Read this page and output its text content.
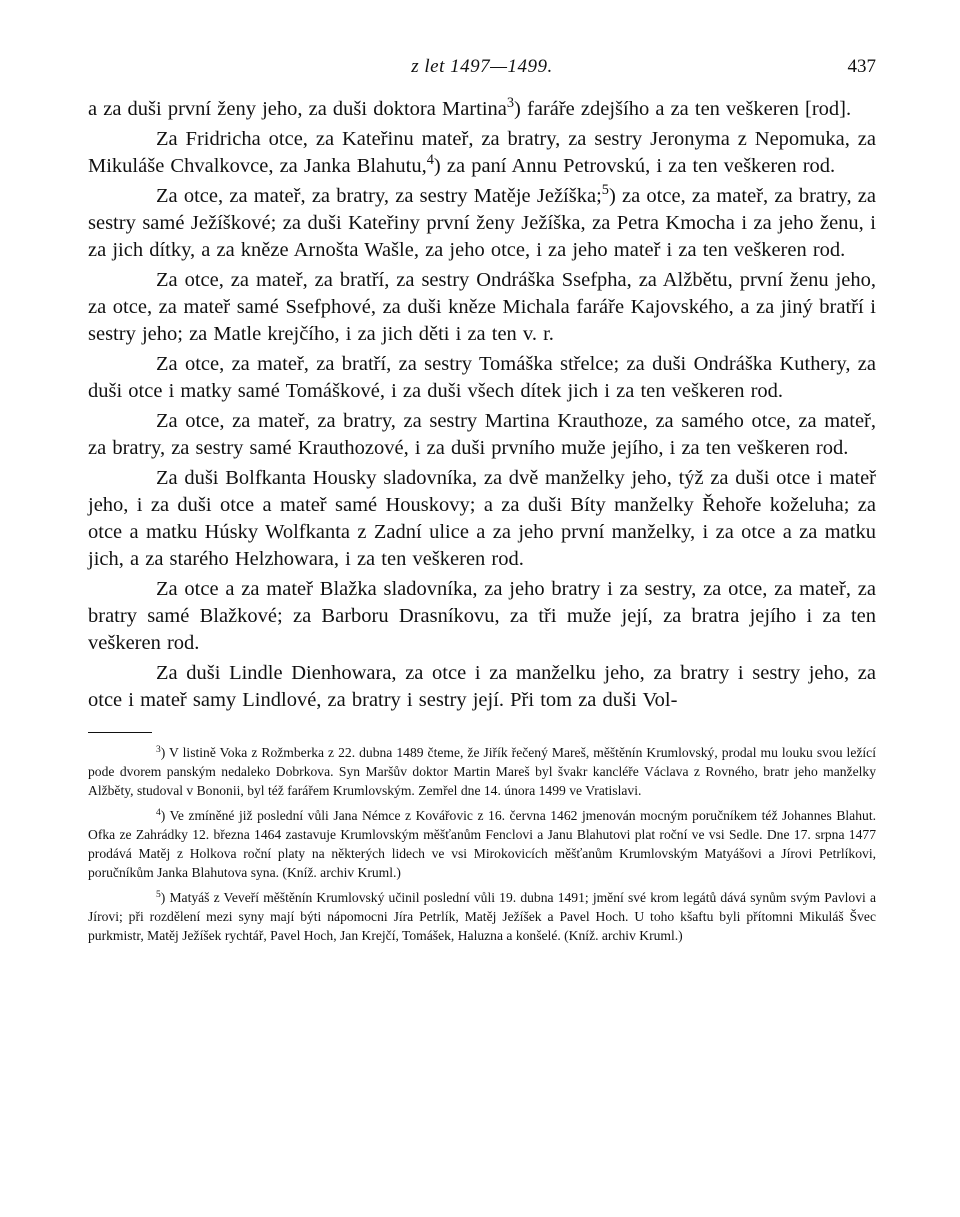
z let 1497—1499.	437

a za duši první ženy jeho, za duši doktora Martina$^3$) faráře zdejšího a za ten veškeren [rod].

Za Fridricha otce, za Kateřinu mateř, za bratry, za sestry Jeronyma z Nepomuka, za Mikuláše Chvalkovce, za Janka Blahutu,$^4$) za paní Annu Petrovskú, i za ten veškeren rod.

Za otce, za mateř, za bratry, za sestry Matěje Ježíška;$^5$) za otce, za mateř, za bratry, za sestry samé Ježíškové; za duši Kateřiny první ženy Ježíška, za Petra Kmocha i za jeho ženu, i za jich dítky, a za kněze Arnošta Wašle, za jeho otce, i za jeho mateř i za ten veškeren rod.

Za otce, za mateř, za bratří, za sestry Ondráška Ssefpha, za Alžbětu, první ženu jeho, za otce, za mateř samé Ssefphové, za duši kněze Michala faráře Kajovského, a za jiný bratří i sestry jeho; za Matle krejčího, i za jich děti i za ten v. r.

Za otce, za mateř, za bratří, za sestry Tomáška střelce; za duši Ondráška Kuthery, za duši otce i matky samé Tomáškové, i za duši všech dítek jich i za ten veškeren rod.

Za otce, za mateř, za bratry, za sestry Martina Krauthoze, za samého otce, za mateř, za bratry, za sestry samé Krauthozové, i za duši prvního muže jejího, i za ten veškeren rod.

Za duši Bolfkanta Housky sladovníka, za dvě manželky jeho, týž za duši otce i mateř jeho, i za duši otce a mateř samé Houskovy; a za duši Bíty manželky Řehoře koželuha; za otce a matku Húsky Wolfkanta z Zadní ulice a za jeho první manželky, i za otce a za matku jich, a za starého Helzhowara, i za ten veškeren rod.

Za otce a za mateř Blažka sladovníka, za jeho bratry i za sestry, za otce, za mateř, za bratry samé Blažkové; za Barboru Drasníkovu, za tři muže její, za bratra jejího i za ten veškeren rod.

Za duši Lindle Dienhowara, za otce i za manželku jeho, za bratry i sestry jeho, za otce i mateř samy Lindlové, za bratry i sestry její. Při tom za duši Vol-

$^3$) V listině Voka z Rožmberka z 22. dubna 1489 čteme, že Jiřík řečený Mareš, měštěnín Krumlovský, prodal mu louku svou ležící pode dvorem panským nedaleko Dobrkova. Syn Maršův doktor Martin Mareš byl švakr kancléře Václava z Rovného, bratr jeho manželky Alžběty, studoval v Bononii, byl též farářem Krumlovským. Zemřel dne 14. února 1499 ve Vratislavi.

$^4$) Ve zmíněné již poslední vůli Jana Némce z Kovářovic z 16. června 1462 jmenován mocným poručníkem též Johannes Blahut. Ofka ze Zahrádky 12. března 1464 zastavuje Krumlovským měšťanům Fenclovi a Janu Blahutovi plat roční ve vsi Sedle. Dne 17. srpna 1477 prodává Matěj z Holkova roční platy na některých lidech ve vsi Mirokovicích měšťanům Krumlovským Matyášovi a Jírovi Petrlíkovi, poručníkům Janka Blahutova syna. (Kníž. archiv Kruml.)

$^5$) Matyáš z Veveří měštěnín Krumlovský učinil poslední vůli 19. dubna 1491; jmění své krom legátů dává synům svým Pavlovi a Jírovi; při rozdělení mezi syny mají býti nápomocni Jíra Petrlík, Matěj Ježíšek a Pavel Hoch. U toho kšaftu byli přítomni Mikuláš Švec purkmistr, Matěj Ježíšek rychtář, Pavel Hoch, Jan Krejčí, Tomášek, Haluzna a konšelé. (Kníž. archiv Kruml.)
